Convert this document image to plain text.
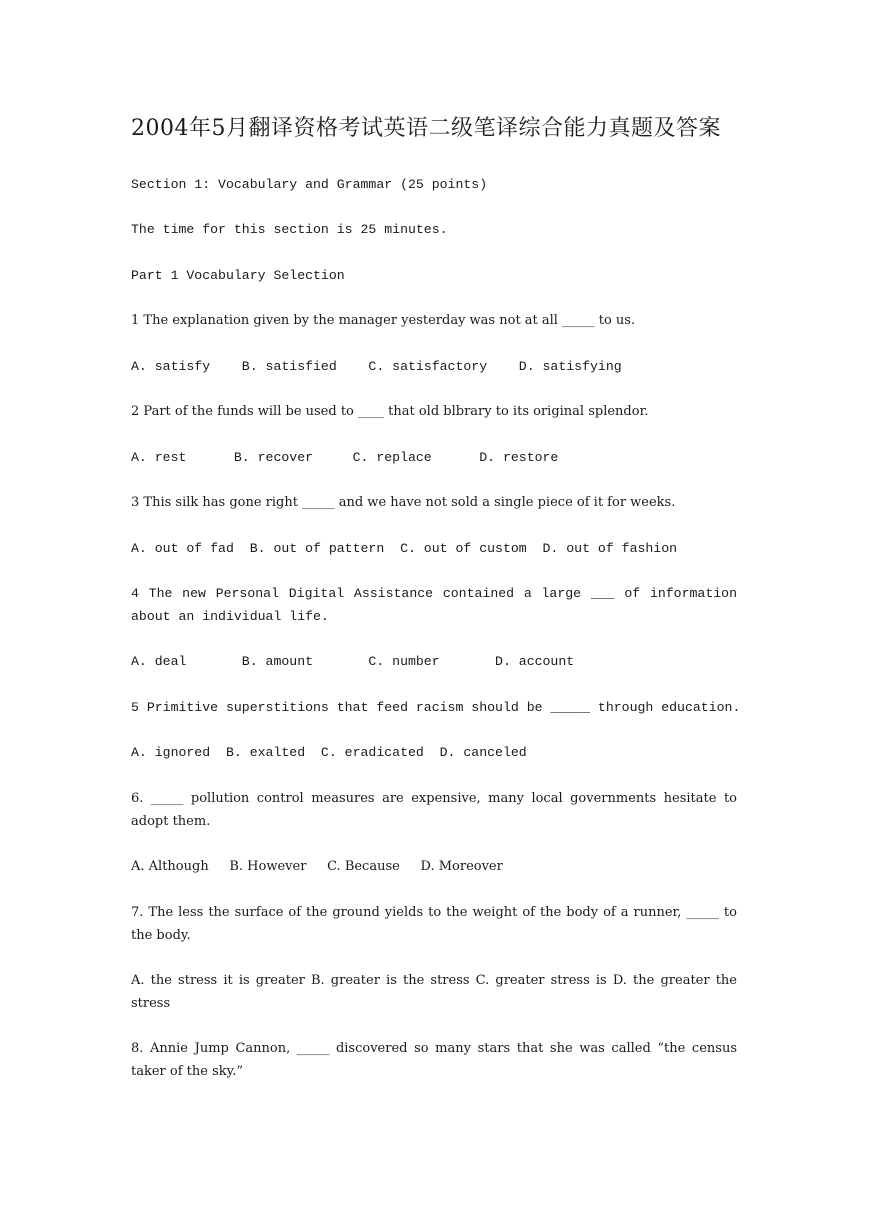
2004年5月翻译资格考试英语二级笔译综合能力真题及答案

Section 1: Vocabulary and Grammar (25 points)

The time for this section is 25 minutes.

Part 1 Vocabulary Selection

1 The explanation given by the manager yesterday was not at all _____ to us.

A. satisfy    B. satisfied    C. satisfactory    D. satisfying

2 Part of the funds will be used to ____ that old blbrary to its original splendor.

A. rest      B. recover     C. replace      D. restore

3 This silk has gone right _____ and we have not sold a single piece of it for weeks.

A. out of fad  B. out of pattern  C. out of custom  D. out of fashion

4 The new Personal Digital Assistance contained a large ___ of information about an individual life.

A. deal       B. amount       C. number       D. account

5 Primitive superstitions that feed racism should be _____ through education.

A. ignored  B. exalted  C. eradicated  D. canceled

6. _____ pollution control measures are expensive, many local governments hesitate to adopt them.

A. Although     B. However     C. Because     D. Moreover

7. The less the surface of the ground yields to the weight of the body of a runner, _____ to the body.

A. the stress it is greater B. greater is the stress C. greater stress is D. the greater the stress

8. Annie Jump Cannon, _____ discovered so many stars that she was called “the census taker of the sky.”
